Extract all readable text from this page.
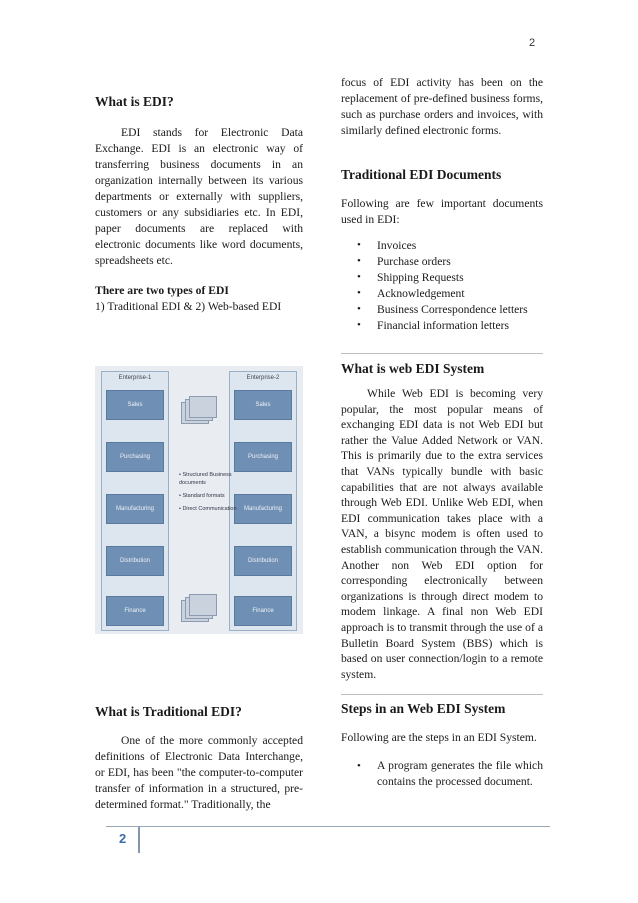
2
What is EDI?

EDI stands for Electronic Data Exchange. EDI is an electronic way of transferring business documents in an organization internally between its various departments or externally with suppliers, customers or any subsidiaries etc. In EDI, paper documents are replaced with electronic documents like word documents, spreadsheets etc.

There are two types of EDI

1) Traditional EDI & 2) Web-based EDI

Enterprise-1
Sales
Purchasing
Manufacturing
Distribution
Finance
Enterprise-2
Sales
Purchasing
Manufacturing
Distribution
Finance
• Structured Business documents
• Standard formats
• Direct Communication
What is Traditional EDI?

One of the more commonly accepted definitions of Electronic Data Interchange, or EDI, has been "the computer-to-computer transfer of information in a structured, pre-determined format." Traditionally, the

focus of EDI activity has been on the replacement of pre-defined business forms, such as purchase orders and invoices, with similarly defined electronic forms.

Traditional EDI Documents

Following are few important documents used in EDI:

• Invoices
• Purchase orders
• Shipping Requests
• Acknowledgement
• Business Correspondence letters
• Financial information letters
What is web EDI System

While Web EDI is becoming very popular, the most popular means of exchanging EDI data is not Web EDI but rather the Value Added Network or VAN. This is primarily due to the extra services that VANs typically bundle with basic capabilities that are not always available through Web EDI. Unlike Web EDI, when EDI communication takes place with a VAN, a bisync modem is often used to establish communication through the VAN. Another non Web EDI option for corresponding electronically between organizations is through direct modem to modem linkage. A final non Web EDI approach is to transmit through the use of a Bulletin Board System (BBS) which is based on user connection/login to a remote system.

Steps in an Web EDI System

Following are the steps in an EDI System.

• A program generates the file which contains the processed document.
2
